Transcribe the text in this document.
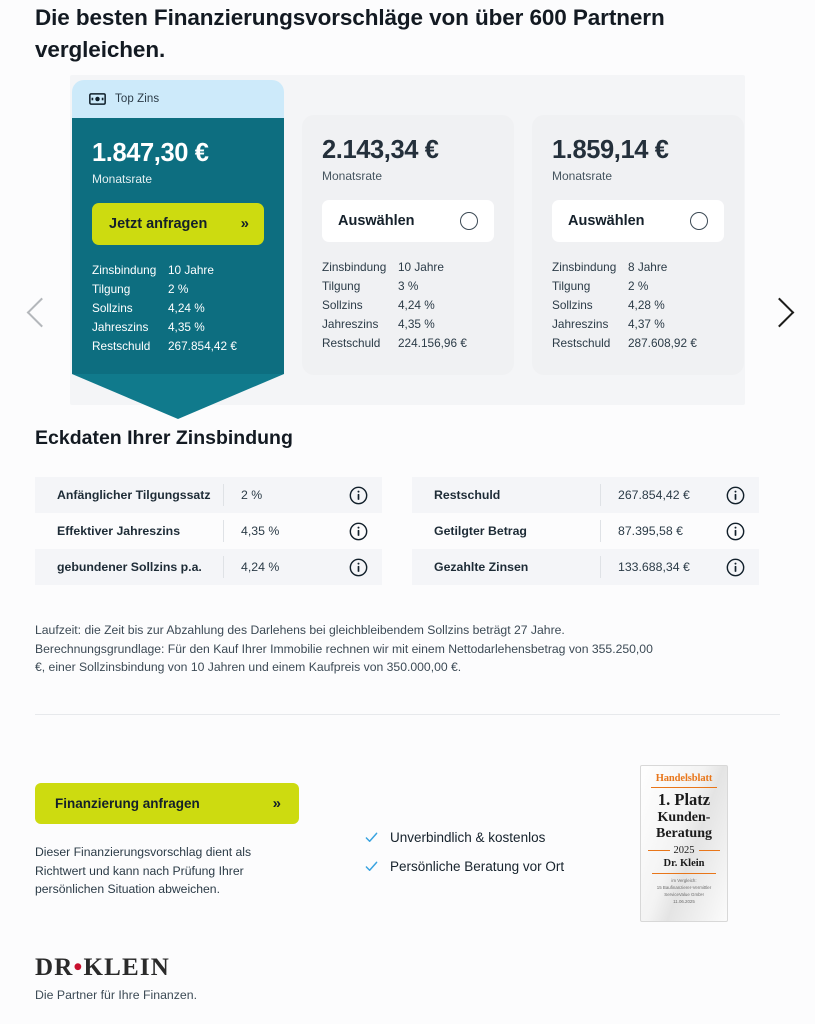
Die besten Finanzierungsvorschläge von über 600 Partnern vergleichen.
Top Zins
1.847,30 €
Monatsrate
Jetzt anfragen »
Zinsbindung 10 Jahre
Tilgung	2 %
Sollzins	4,24 %
Jahreszins	4,35 %
Restschuld	267.854,42 €
2.143,34 €
Monatsrate
Auswählen
Zinsbindung 10 Jahre
Tilgung	3 %
Sollzins	4,24 %
Jahreszins	4,35 %
Restschuld	224.156,96 €
1.859,14 €
Monatsrate
Auswählen
Zinsbindung 8 Jahre
Tilgung	2 %
Sollzins	4,28 %
Jahreszins	4,37 %
Restschuld	287.608,92 €
Eckdaten Ihrer Zinsbindung
Anfänglicher Tilgungssatz	2 %
Effektiver Jahreszins	4,35 %
gebundener Sollzins p.a.	4,24 %
Restschuld	267.854,42 €
Getilgter Betrag	87.395,58 €
Gezahlte Zinsen	133.688,34 €

Laufzeit: die Zeit bis zur Abzahlung des Darlehens bei gleichbleibendem Sollzins beträgt 27 Jahre. Berechnungsgrundlage: Für den Kauf Ihrer Immobilie rechnen wir mit einem Nettodarlehensbetrag von 355.250,00 €, einer Sollzinsbindung von 10 Jahren und einem Kaufpreis von 350.000,00 €.

Finanzierung anfragen	»

Dieser Finanzierungsvorschlag dient als Richtwert und kann nach Prüfung Ihrer persönlichen Situation abweichen.

Unverbindlich & kostenlos
Persönliche Beratung vor Ort
Handelsblatt
1. Platz
Kunden-
Beratung
2025
Dr. Klein
im Vergleich:
15 Baufinanzierer-Vermittler
ServiceValue GmbH
11.06.2025
DR•KLEIN
Die Partner für Ihre Finanzen.
